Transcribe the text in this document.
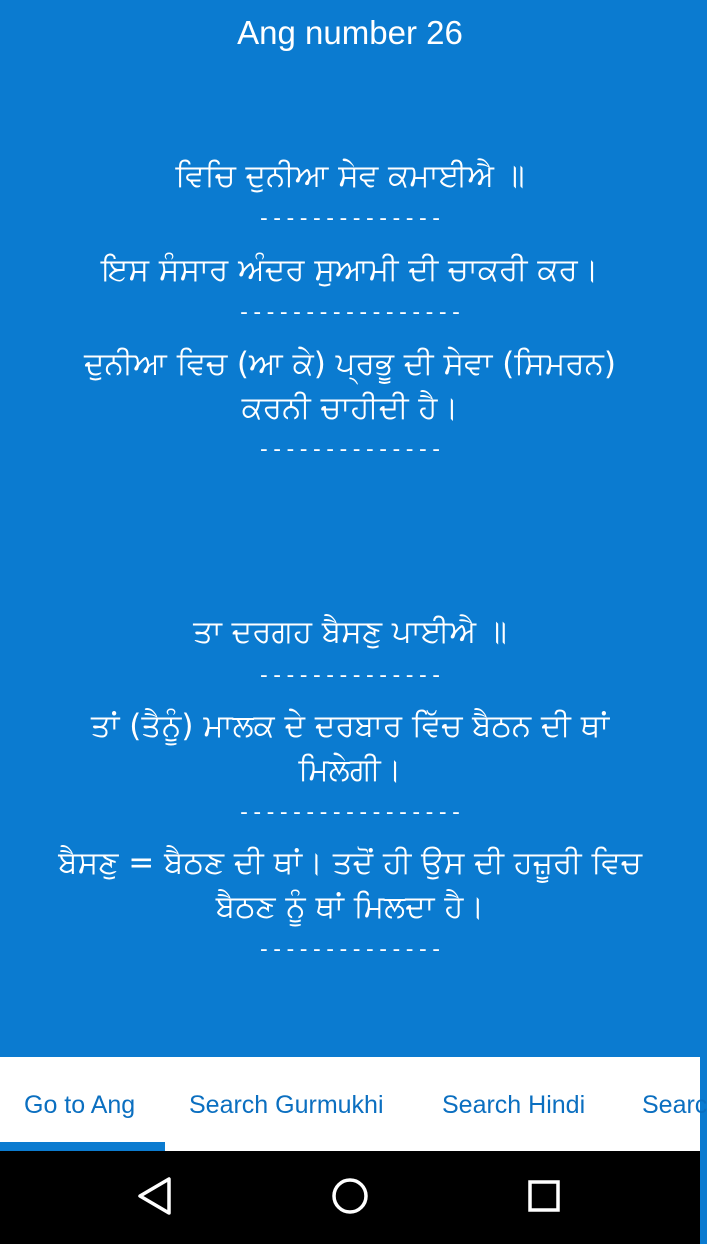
Ang number 26
ਵਿਚਿ ਦੁਨੀਆ ਸੇਵ ਕਮਾਈਐ ॥
--------------
ਇਸ ਸੰਸਾਰ ਅੰਦਰ ਸੁਆਮੀ ਦੀ ਚਾਕਰੀ ਕਰ।
-----------------
ਦੁਨੀਆ ਵਿਚ (ਆ ਕੇ) ਪ੍ਰਭੂ ਦੀ ਸੇਵਾ (ਸਿਮਰਨ)
ਕਰਨੀ ਚਾਹੀਦੀ ਹੈ।
--------------
ਤਾ ਦਰਗਹ ਬੈਸਣੁ ਪਾਈਐ ॥
--------------
ਤਾਂ (ਤੈਨੂੰ) ਮਾਲਕ ਦੇ ਦਰਬਾਰ ਵਿੱਚ ਬੈਠਨ ਦੀ ਥਾਂ
ਮਿਲੇਗੀ।
-----------------
ਬੈਸਣੁ = ਬੈਠਣ ਦੀ ਥਾਂ। ਤਦੋਂ ਹੀ ਉਸ ਦੀ ਹਜ਼ੂਰੀ ਵਿਚ
ਬੈਠਣ ਨੂੰ ਥਾਂ ਮਿਲਦਾ ਹੈ।
--------------
Go to Ang Search Gurmukhi Search Hindi Searc
